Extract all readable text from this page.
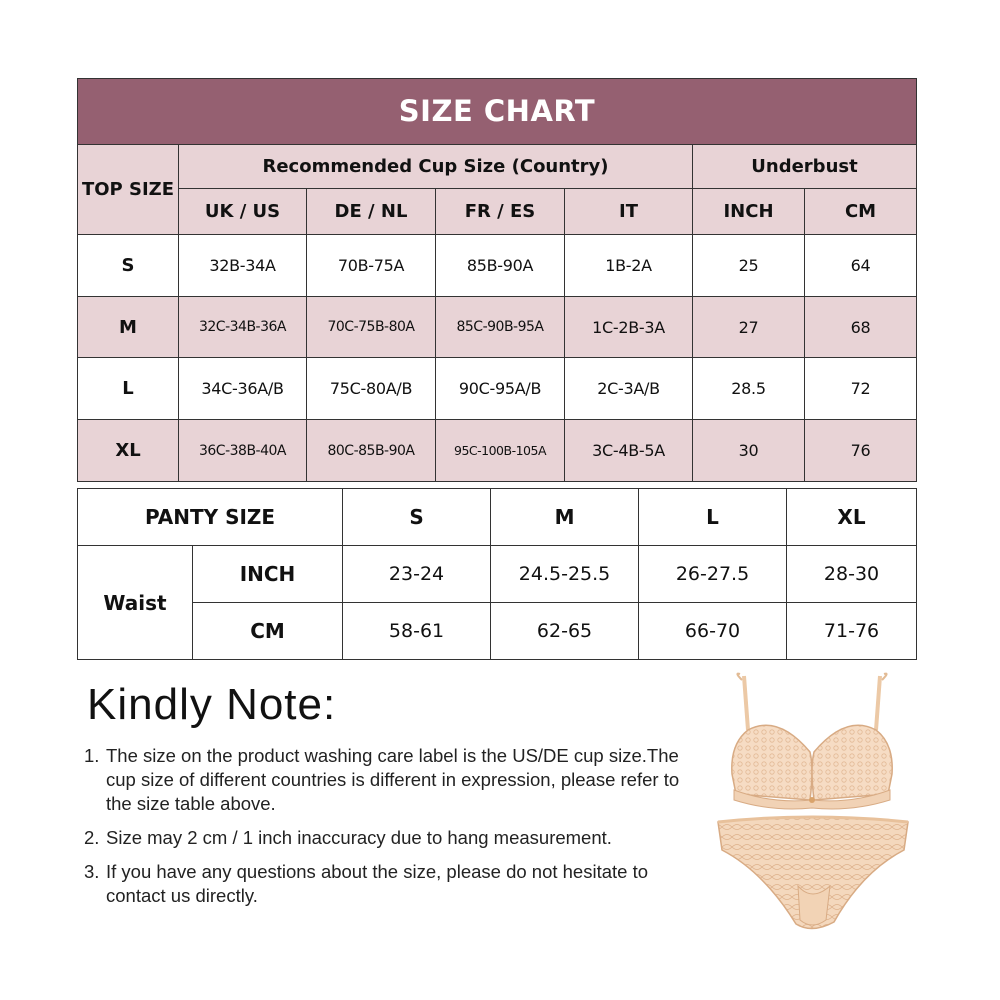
SIZE CHART						
TOP SIZE	Recommended Cup Size (Country)				Underbust	
	UK / US	DE / NL	FR / ES	IT	INCH	CM
S	32B-34A	70B-75A	85B-90A	1B-2A	25	64
M	32C-34B-36A	70C-75B-80A	85C-90B-95A	1C-2B-3A	27	68
L	34C-36A/B	75C-80A/B	90C-95A/B	2C-3A/B	28.5	72
XL	36C-38B-40A	80C-85B-90A	95C-100B-105A	3C-4B-5A	30	76
PANTY SIZE		S	M	L	XL
Waist	INCH	23-24	24.5-25.5	26-27.5	28-30
	CM	58-61	62-65	66-70	71-76
Kindly Note:
1. The size on the product washing care label is the US/DE cup size.The cup size of different countries is different in expression, please refer to the size table above.
2. Size may 2 cm / 1 inch inaccuracy due to hang measurement.
3. If you have any questions about the size, please do not hesitate to contact us directly.
